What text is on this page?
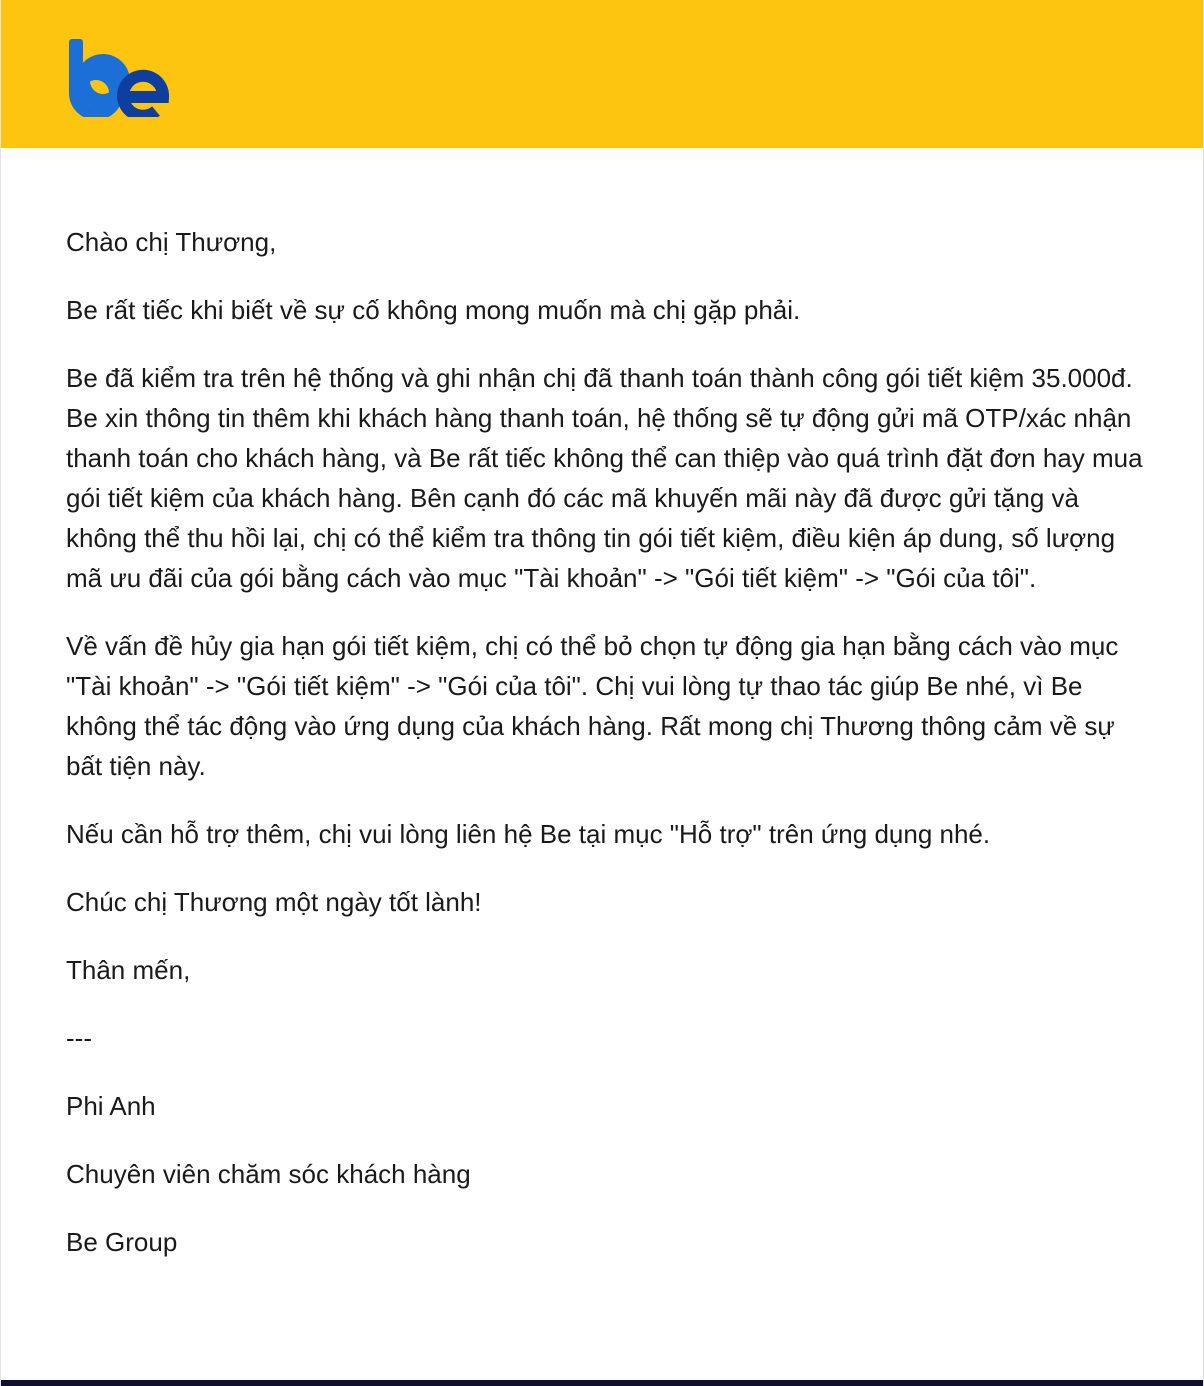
Chào chị Thương,

Be rất tiếc khi biết về sự cố không mong muốn mà chị gặp phải.

Be đã kiểm tra trên hệ thống và ghi nhận chị đã thanh toán thành công gói tiết kiệm 35.000đ. Be xin thông tin thêm khi khách hàng thanh toán, hệ thống sẽ tự động gửi mã OTP/xác nhận thanh toán cho khách hàng, và Be rất tiếc không thể can thiệp vào quá trình đặt đơn hay mua gói tiết kiệm của khách hàng. Bên cạnh đó các mã khuyến mãi này đã được gửi tặng và không thể thu hồi lại, chị có thể kiểm tra thông tin gói tiết kiệm, điều kiện áp dung, số lượng mã ưu đãi của gói bằng cách vào mục "Tài khoản" -> "Gói tiết kiệm" -> "Gói của tôi".

Về vấn đề hủy gia hạn gói tiết kiệm, chị có thể bỏ chọn tự động gia hạn bằng cách vào mục "Tài khoản" -> "Gói tiết kiệm" -> "Gói của tôi". Chị vui lòng tự thao tác giúp Be nhé, vì Be không thể tác động vào ứng dụng của khách hàng. Rất mong chị Thương thông cảm về sự bất tiện này.

Nếu cần hỗ trợ thêm, chị vui lòng liên hệ Be tại mục "Hỗ trợ" trên ứng dụng nhé.

Chúc chị Thương một ngày tốt lành!

Thân mến,

---

Phi Anh

Chuyên viên chăm sóc khách hàng

Be Group
